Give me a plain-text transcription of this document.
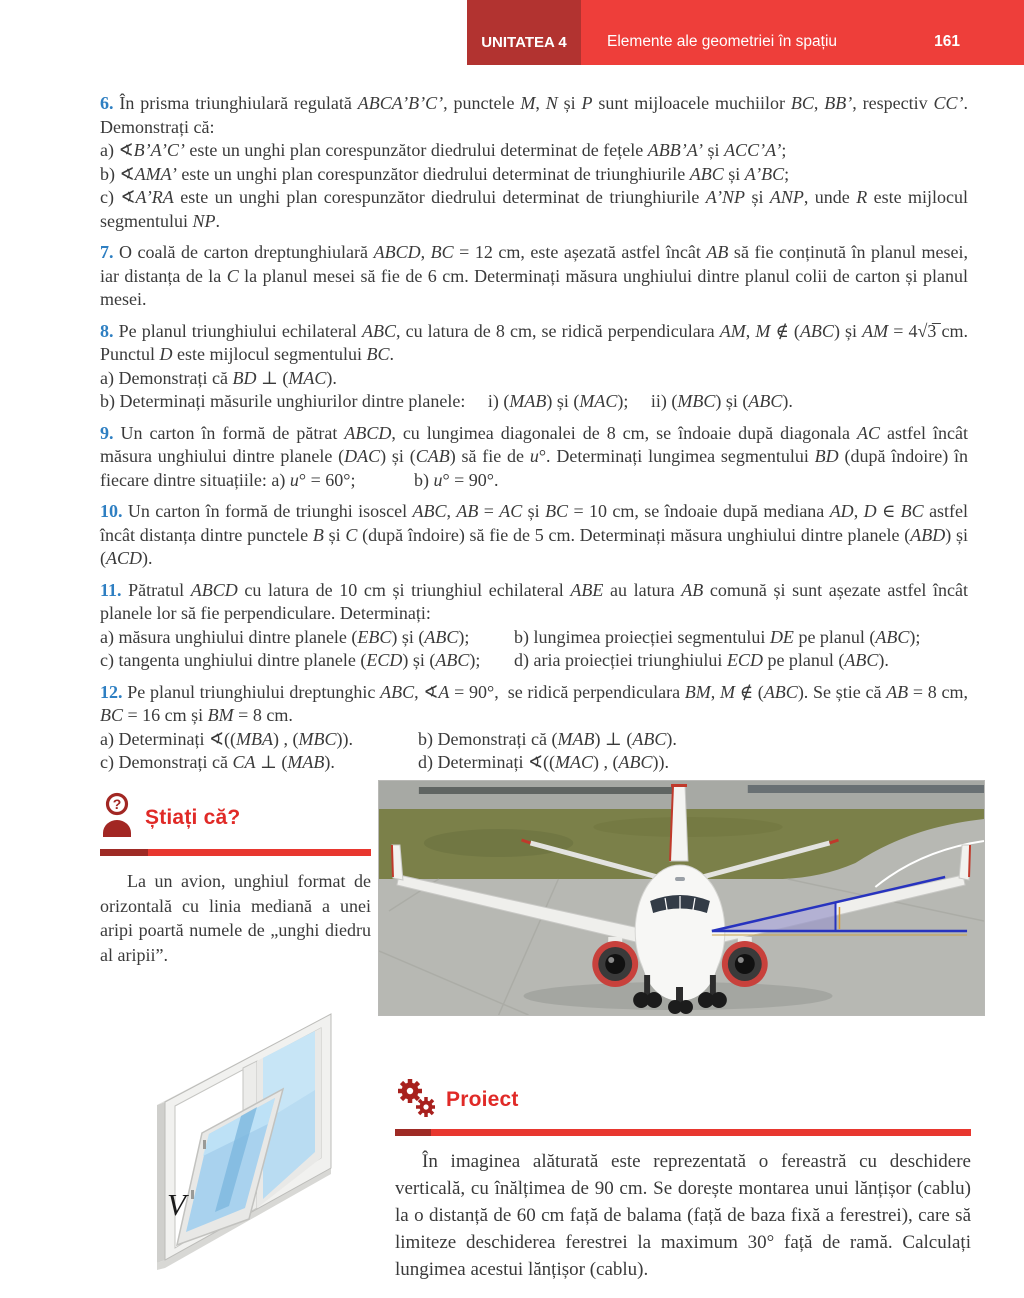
UNITATEA 4	Elemente ale geometriei în spațiu	161

6. În prisma triunghiulară regulată ABCA’B’C’, punctele M, N și P sunt mijloacele muchiilor BC, BB’, respectiv CC’. Demonstrați că:

a) ∢B’A’C’ este un unghi plan corespunzător diedrului determinat de fețele ABB’A’ și ACC’A’;

b) ∢AMA’ este un unghi plan corespunzător diedrului determinat de triunghiurile ABC și A’BC;

c) ∢A’RA este un unghi plan corespunzător diedrului determinat de triunghiurile A’NP și ANP, unde R este mijlocul segmentului NP.

7. O coală de carton dreptunghiulară ABCD, BC = 12 cm, este așezată astfel încât AB să fie conținută în planul mesei, iar distanța de la C la planul mesei să fie de 6 cm. Determinați măsura unghiului dintre planul colii de carton și planul mesei.

8. Pe planul triunghiului echilateral ABC, cu latura de 8 cm, se ridică perpendiculara AM, M ∉ (ABC) și AM = 4√3̅ cm. Punctul D este mijlocul segmentului BC.

a) Demonstrați că BD ⊥ (MAC).

b) Determinați măsurile unghiurilor dintre planele:  i) (MAB) și (MAC);  ii) (MBC) și (ABC).

9. Un carton în formă de pătrat ABCD, cu lungimea diagonalei de 8 cm, se îndoaie după diagonala AC astfel încât măsura unghiului dintre planele (DAC) și (CAB) să fie de u°. Determinați lungimea segmentului BD (după îndoire) în fiecare dintre situațiile: a) u° = 60°;    b) u° = 90°.

10. Un carton în formă de triunghi isoscel ABC, AB = AC și BC = 10 cm, se îndoaie după mediana AD, D ∈ BC astfel încât distanța dintre punctele B și C (după îndoire) să fie de 5 cm. Determinați măsura unghiului dintre planele (ABD) și (ACD).

11. Pătratul ABCD cu latura de 10 cm și triunghiul echilateral ABE au latura AB comună și sunt așezate astfel încât planele lor să fie perpendiculare. Determinați:

a) măsura unghiului dintre planele (EBC) și (ABC);	b) lungimea proiecției segmentului DE pe planul (ABC);
c) tangenta unghiului dintre planele (ECD) și (ABC);	d) aria proiecției triunghiului ECD pe planul (ABC).

12. Pe planul triunghiului dreptunghic ABC, ∢A = 90°, se ridică perpendiculara BM, M ∉ (ABC). Se știe că AB = 8 cm, BC = 16 cm și BM = 8 cm.

a) Determinați ∢((MBA) , (MBC)).	b) Demonstrați că (MAB) ⊥ (ABC).
c) Demonstrați că CA ⊥ (MAB).	d) Determinați ∢((MAC) , (ABC)).
?
Știați că?

La un avion, unghiul format de orizontală cu linia mediană a unei aripi poartă numele de „unghi diedru al aripii”.

V
Proiect

În imaginea alăturată este reprezentată o fereastră cu deschidere verticală, cu înălțimea de 90 cm. Se dorește montarea unui lănțișor (cablu) la o distanță de 60 cm față de balama (față de baza fixă a ferestrei), care să limiteze deschiderea ferestrei la maximum 30° față de ramă. Calculați lungimea acestui lănțișor (cablu).
